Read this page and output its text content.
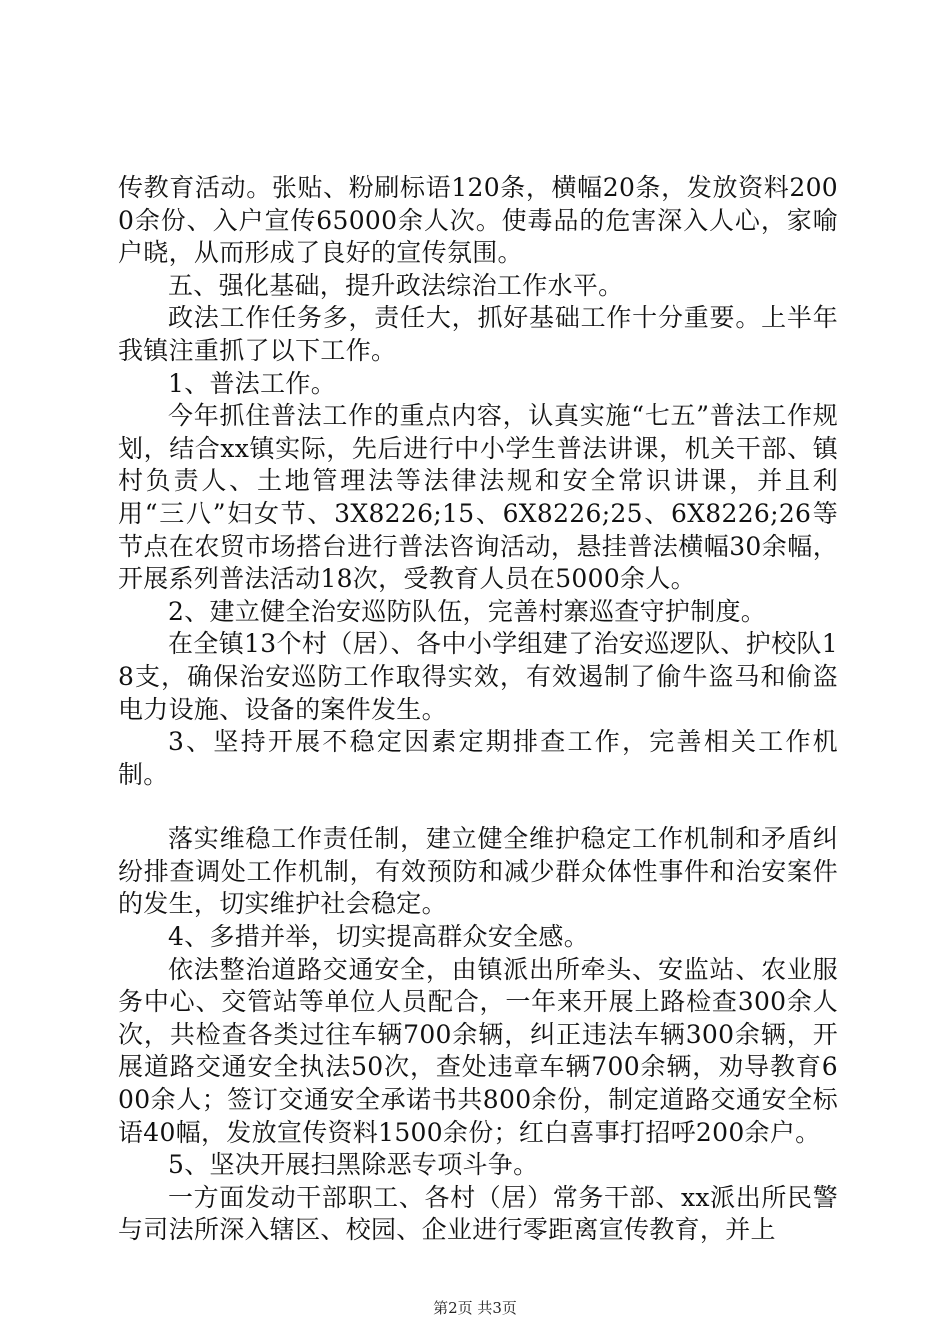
传教育活动。张贴、粉刷标语120条，横幅20条，发放资料2000余份、入户宣传65000余人次。使毒品的危害深入人心，家喻户晓，从而形成了良好的宣传氛围。

五、强化基础，提升政法综治工作水平。

政法工作任务多，责任大，抓好基础工作十分重要。上半年我镇注重抓了以下工作。

1、普法工作。

今年抓住普法工作的重点内容，认真实施“七五”普法工作规划，结合xx镇实际，先后进行中小学生普法讲课，机关干部、镇村负责人、土地管理法等法律法规和安全常识讲课，并且利用“三八”妇女节、3X8226;15、6X8226;25、6X8226;26等节点在农贸市场搭台进行普法咨询活动，悬挂普法横幅30余幅，开展系列普法活动18次，受教育人员在5000余人。

2、建立健全治安巡防队伍，完善村寨巡查守护制度。

在全镇13个村（居）、各中小学组建了治安巡逻队、护校队18支，确保治安巡防工作取得实效，有效遏制了偷牛盗马和偷盗电力设施、设备的案件发生。

3、坚持开展不稳定因素定期排查工作，完善相关工作机制。

落实维稳工作责任制，建立健全维护稳定工作机制和矛盾纠纷排查调处工作机制，有效预防和减少群众体性事件和治安案件的发生，切实维护社会稳定。

4、多措并举，切实提高群众安全感。

依法整治道路交通安全，由镇派出所牵头、安监站、农业服务中心、交管站等单位人员配合，一年来开展上路检查300余人次，共检查各类过往车辆700余辆，纠正违法车辆300余辆，开展道路交通安全执法50次，查处违章车辆700余辆，劝导教育600余人；签订交通安全承诺书共800余份，制定道路交通安全标语40幅，发放宣传资料1500余份；红白喜事打招呼200余户。

5、坚决开展扫黑除恶专项斗争。

一方面发动干部职工、各村（居）常务干部、xx派出所民警与司法所深入辖区、校园、企业进行零距离宣传教育，并上

第2页 共3页
